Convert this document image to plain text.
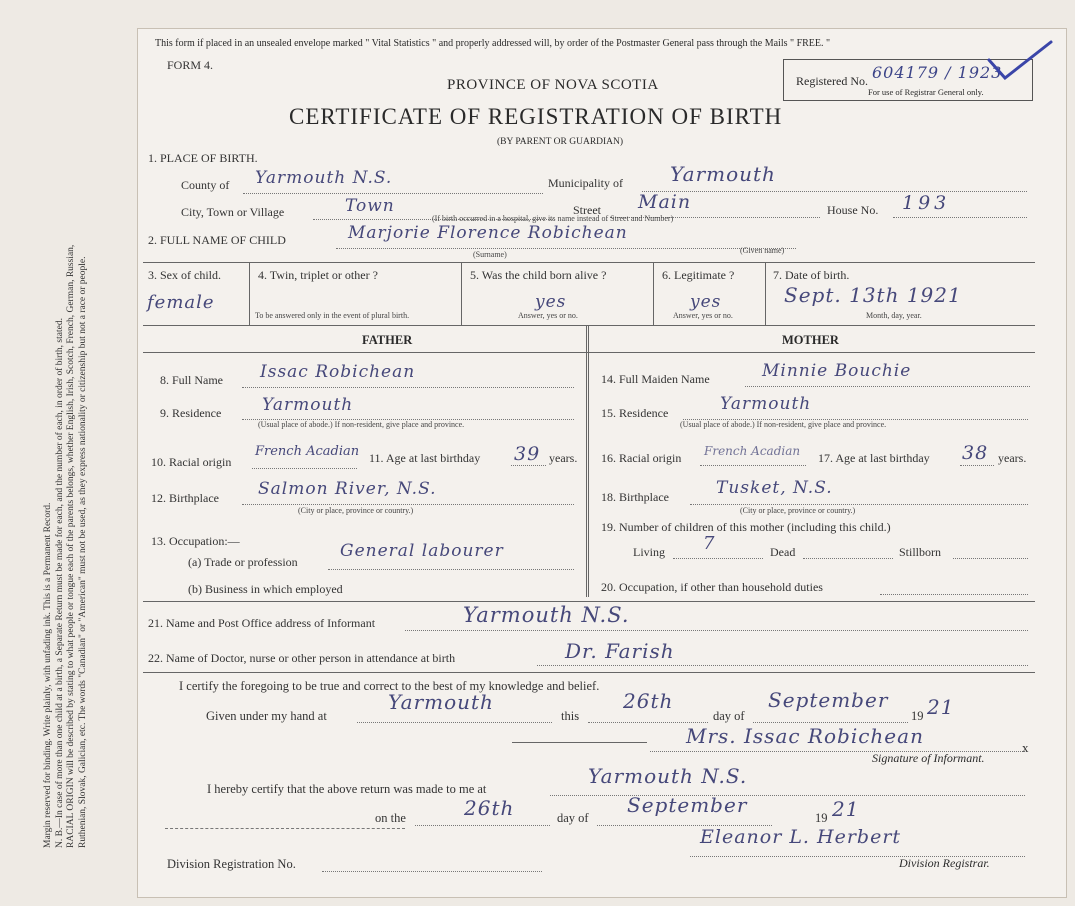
Margin reserved for binding. Write plainly, with unfading ink. This is a Permanent Record. N. B.—In case of more than one child at a birth, a Separate Return must be made for each, and the number of each, in order of birth, stated. RACIAL ORIGIN will be described by stating to what people or tongue each of the parents belongs, whether English, Irish, Scotch, French, German, Russian, Ruthenian, Slovak, Galician, etc. The words "Canadian" or "American" must not be used, as they express nationality or citizenship but not a race or people.
This form if placed in an unsealed envelope marked " Vital Statistics " and properly addressed will, by order of the Postmaster General pass through the Mails " FREE. "
FORM 4.
PROVINCE OF NOVA SCOTIA
CERTIFICATE OF REGISTRATION OF BIRTH
(BY PARENT OR GUARDIAN)
Registered No. 604179 / 1923
For use of Registrar General only.
1. PLACE OF BIRTH.
County of Yarmouth N.S.	Municipality of Yarmouth
City, Town or Village	Town	Street Main
(If birth occurred in a hospital, give its name instead of Street and Number)
House No. 193
2. FULL NAME OF CHILD	Marjorie Florence Robichean
(Surname)	(Given name)
3. Sex of child.
female
4. Twin, triplet or other ?
To be answered only in the event of plural birth.
5. Was the child born alive ?
yes
Answer, yes or no.
6. Legitimate ?
yes
Answer, yes or no.
7. Date of birth.
Sept. 13th 1921
Month, day, year.
FATHER	MOTHER
8. Full Name Issac Robichean
9. Residence Yarmouth
(Usual place of abode.) If non-resident, give place and province.
10. Racial origin
French Acadian 11. Age at last birthday 39 years.
12. Birthplace Salmon River, N.S.
(City or place, province or country.)
13. Occupation:—
(a) Trade or profession
General labourer
(b) Business in which employed
14. Full Maiden Name	Minnie Bouchie
15. Residence	Yarmouth
(Usual place of abode.) If non-resident, give place and province.
16. Racial origin French Acadian 17. Age at last birthday 38 years.
18. Birthplace	Tusket, N.S.
(City or place, province or country.)
19. Number of children of this mother (including this child.)
Living 7	Dead	Stillborn
20. Occupation, if other than household duties
21. Name and Post Office address of Informant	Yarmouth N.S.
22. Name of Doctor, nurse or other person in attendance at birth	Dr. Farish
I certify the foregoing to be true and correct to the best of my knowledge and belief.
Given under my hand at
Yarmouth
this
26th
day of
September
19 21
Mrs. Issac Robichean	x
Signature of Informant.
I hereby certify that the above return was made to me at
Yarmouth N.S.
on the	26th	day of
September
19 21
Eleanor L. Herbert
Division Registration No.	Division Registrar.
